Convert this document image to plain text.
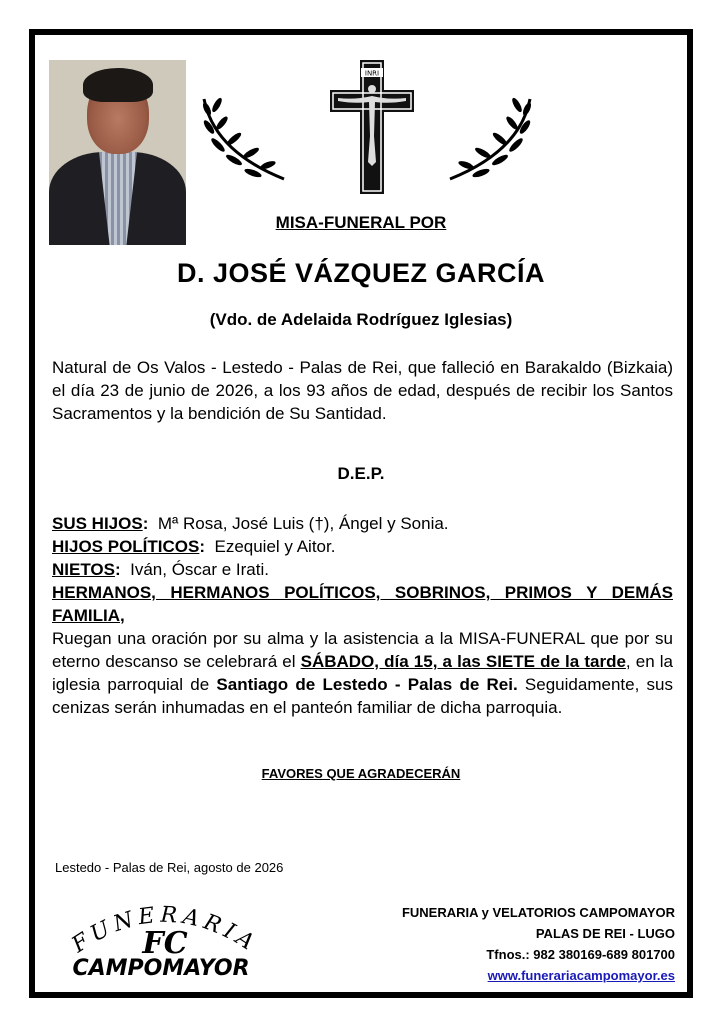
INRI
MISA-FUNERAL POR
D. JOSÉ VÁZQUEZ GARCÍA
(Vdo. de Adelaida Rodríguez Iglesias)
Natural de Os Valos - Lestedo - Palas de Rei, que falleció en Barakaldo (Bizkaia) el día 23 de junio de 2026, a los 93 años de edad, después de recibir los Santos Sacramentos y la bendición de Su Santidad.
D.E.P.

SUS HIJOS: Mª Rosa, José Luis (†), Ángel y Sonia.

HIJOS POLÍTICOS: Ezequiel y Aitor.

NIETOS: Iván, Óscar e Irati.

HERMANOS, HERMANOS POLÍTICOS, SOBRINOS, PRIMOS Y DEMÁS FAMILIA,

Ruegan una oración por su alma y la asistencia a la MISA-FUNERAL que por su eterno descanso se celebrará el SÁBADO, día 15, a las SIETE de la tarde, en la iglesia parroquial de Santiago de Lestedo - Palas de Rei. Seguidamente, sus cenizas serán inhumadas en el panteón familiar de dicha parroquia.

FAVORES QUE AGRADECERÁN
Lestedo - Palas de Rei, agosto de 2026
FUNERARIA
FC
CAMPOMAYOR
FUNERARIA y VELATORIOS CAMPOMAYOR
PALAS DE REI - LUGO
Tfnos.: 982 380169-689 801700
www.funerariacampomayor.es
